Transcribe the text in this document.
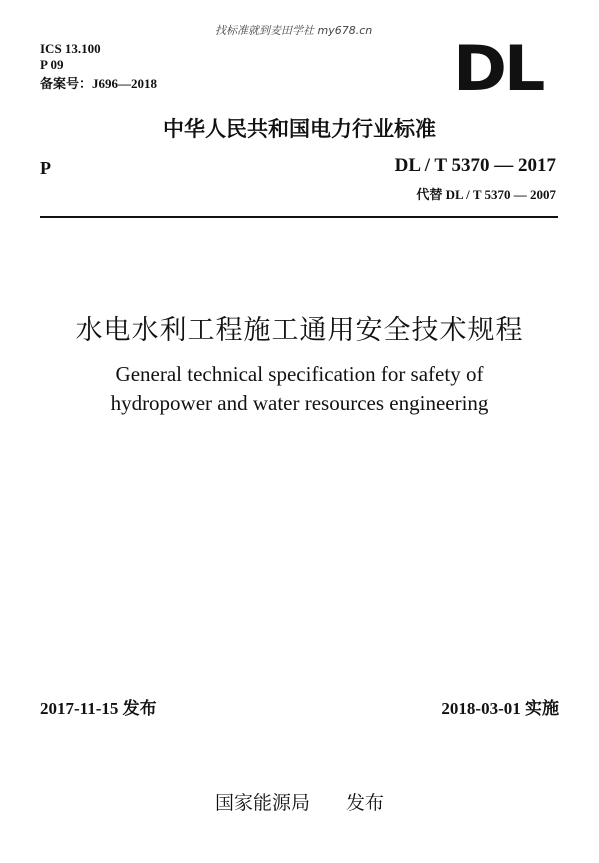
找标准就到麦田学社 my678.cn
ICS 13.100
P 09
备案号：J696—2018	DL
中华人民共和国电力行业标准
P	DL / T 5370 — 2017
代替 DL / T 5370 — 2007
水电水利工程施工通用安全技术规程
General technical specification for safety of
hydropower and water resources engineering
2017-11-15 发布	2018-03-01 实施
国家能源局 发布
